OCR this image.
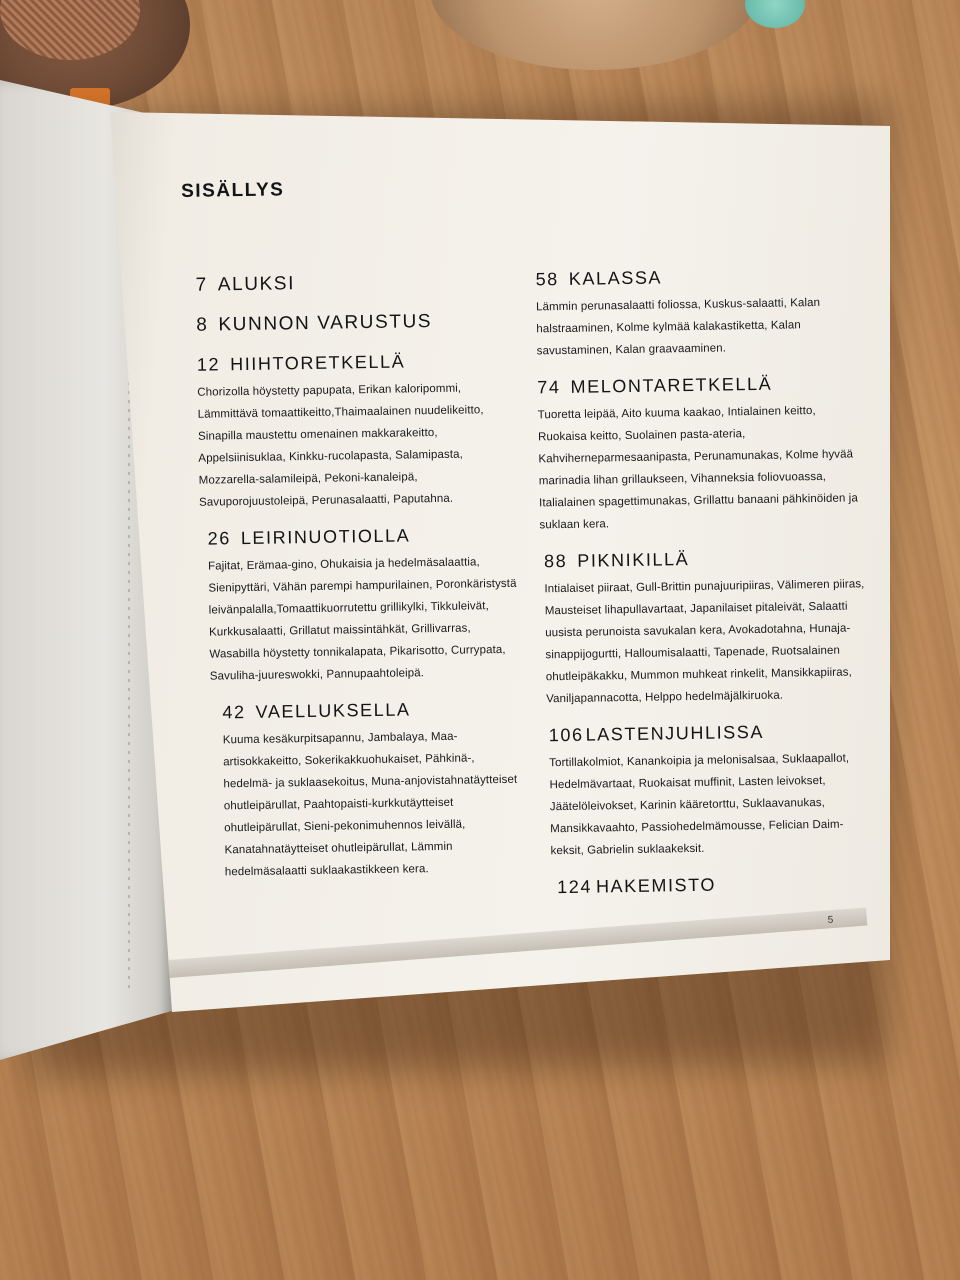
SISÄLLYS
7 ALUKSI
8 KUNNON VARUSTUS
12 HIIHTORETKELLÄ
Chorizolla höystetty papupata, Erikan kaloripommi, Lämmittävä tomaattikeitto,Thaimaalainen nuudelikeitto, Sinapilla maustettu omenainen makkarakeitto, Appelsiinisuklaa, Kinkku-rucolapasta, Salamipasta, Mozzarella-salamileipä, Pekoni-kanaleipä, Savuporojuustoleipä, Perunasalaatti, Paputahna.
26 LEIRINUOTIOLLA
Fajitat, Erämaa-gino, Ohukaisia ja hedelmäsalaattia, Sienipyttäri, Vähän parempi hampurilainen, Poronkäristystä leivänpalalla,Tomaattikuorrutettu grillikylki, Tikkuleivät, Kurkkusalaatti, Grillatut maissintähkät, Grillivarras, Wasabilla höystetty tonnikalapata, Pikarisotto, Currypata, Savuliha-juureswokki, Pannupaahtoleipä.
42 VAELLUKSELLA
Kuuma kesäkurpitsapannu, Jambalaya, Maa-artisokkakeitto, Sokerikakkuohukaiset, Pähkinä-, hedelmä- ja suklaasekoitus, Muna-anjovistahnatäytteiset ohutleipärullat, Paahtopaisti-kurkkutäytteiset ohutleipärullat, Sieni-pekonimuhennos leivällä, Kanatahnatäytteiset ohutleipärullat, Lämmin hedelmäsalaatti suklaakastikkeen kera.
58 KALASSA
Lämmin perunasalaatti foliossa, Kuskus-salaatti, Kalan halstraaminen, Kolme kylmää kalakastiketta, Kalan savustaminen, Kalan graavaaminen.
74 MELONTARETKELLÄ
Tuoretta leipää, Aito kuuma kaakao, Intialainen keitto, Ruokaisa keitto, Suolainen pasta-ateria, Kahviherneparmesaanipasta, Perunamunakas, Kolme hyvää marinadia lihan grillaukseen, Vihanneksia foliovuoassa, Italialainen spagettimunakas, Grillattu banaani pähkinöiden ja suklaan kera.
88 PIKNIKILLÄ
Intialaiset piiraat, Gull-Brittin punajuuripiiras, Välimeren piiras, Mausteiset lihapullavartaat, Japanilaiset pitaleivät, Salaatti uusista perunoista savukalan kera, Avokadotahna, Hunaja-sinappijogurtti, Halloumisalaatti, Tapenade, Ruotsalainen ohutleipäkakku, Mummon muhkeat rinkelit, Mansikkapiiras, Vaniljapannacotta, Helppo hedelmäjälkiruoka.
106LASTENJUHLISSA
Tortillakolmiot, Kanankoipia ja melonisalsaa, Suklaapallot, Hedelmävartaat, Ruokaisat muffinit, Lasten leivokset, Jäätelöleivokset, Karinin kääretorttu, Suklaavanukas, Mansikkavaahto, Passiohedelmämousse, Felician Daim-keksit, Gabrielin suklaakeksit.
124 HAKEMISTO
5
